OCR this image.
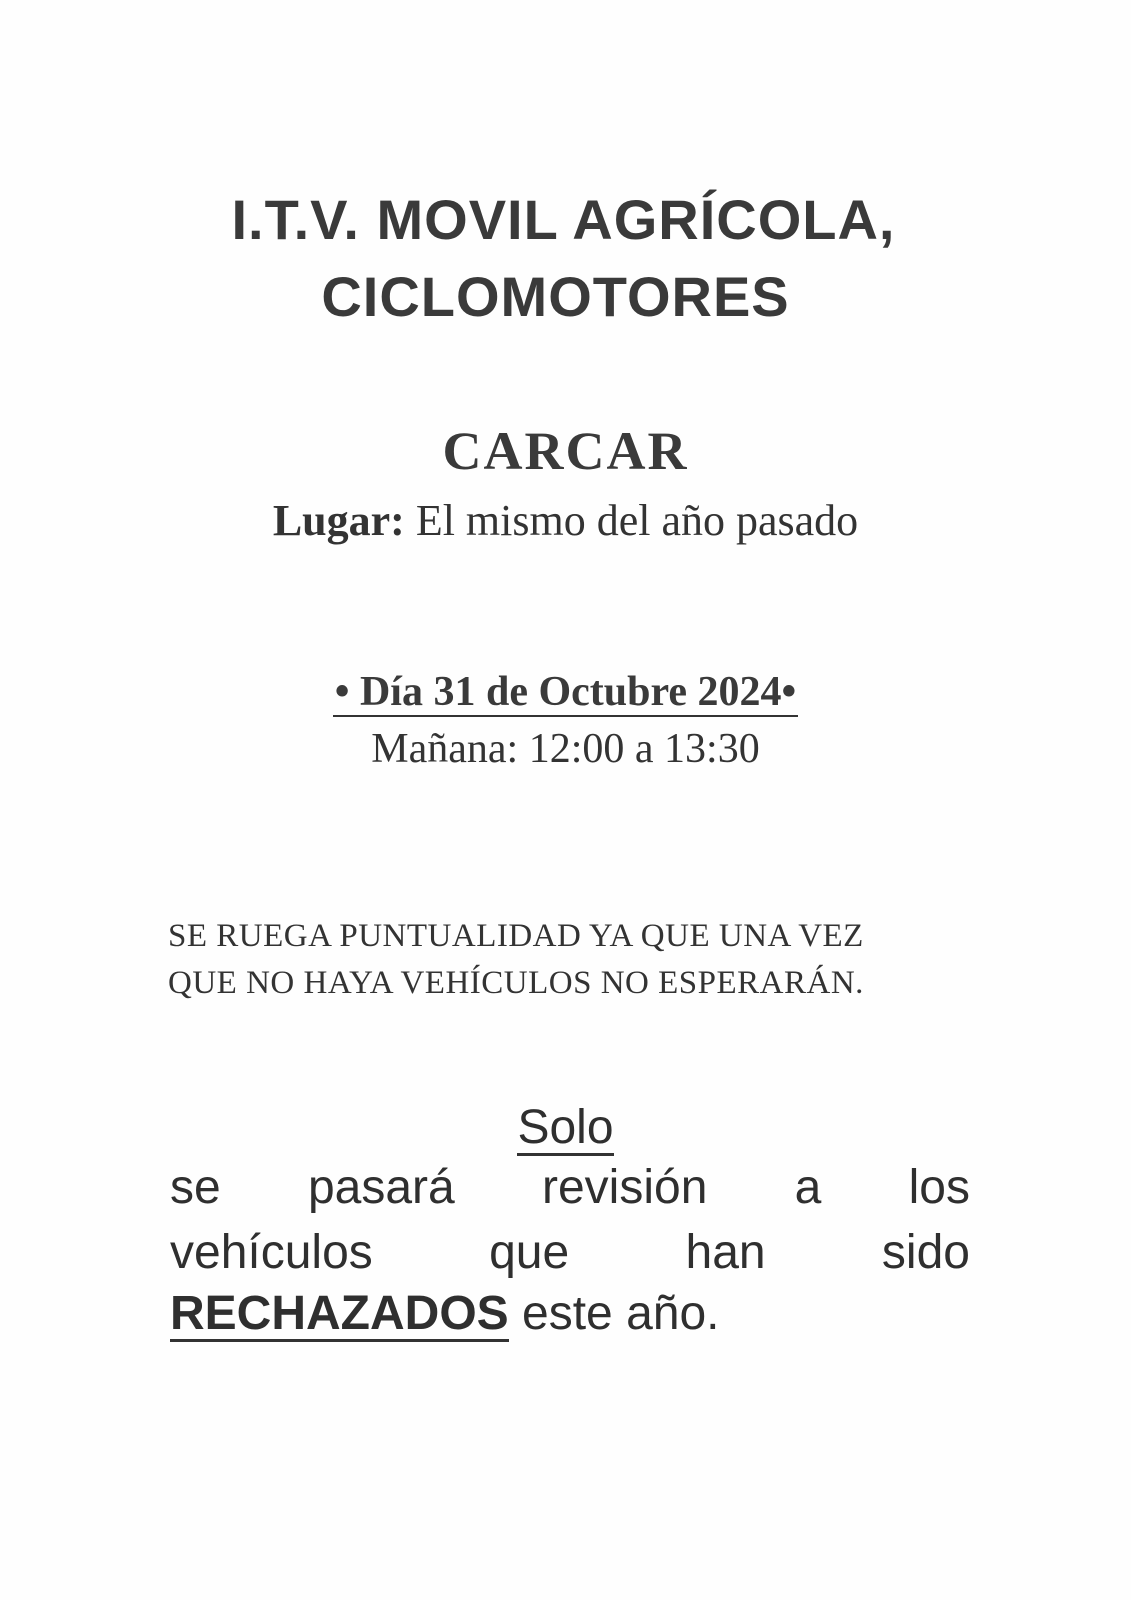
I.T.V. MOVIL AGRÍCOLA,
CICLOMOTORES
CARCAR
Lugar: El mismo del año pasado
• Día 31 de Octubre 2024•
Mañana: 12:00 a 13:30
SE RUEGA PUNTUALIDAD YA QUE UNA VEZ
QUE NO HAYA VEHÍCULOS NO ESPERARÁN.
Solo
se pasará revisión a los
vehículos que han sido
RECHAZADOS este año.
